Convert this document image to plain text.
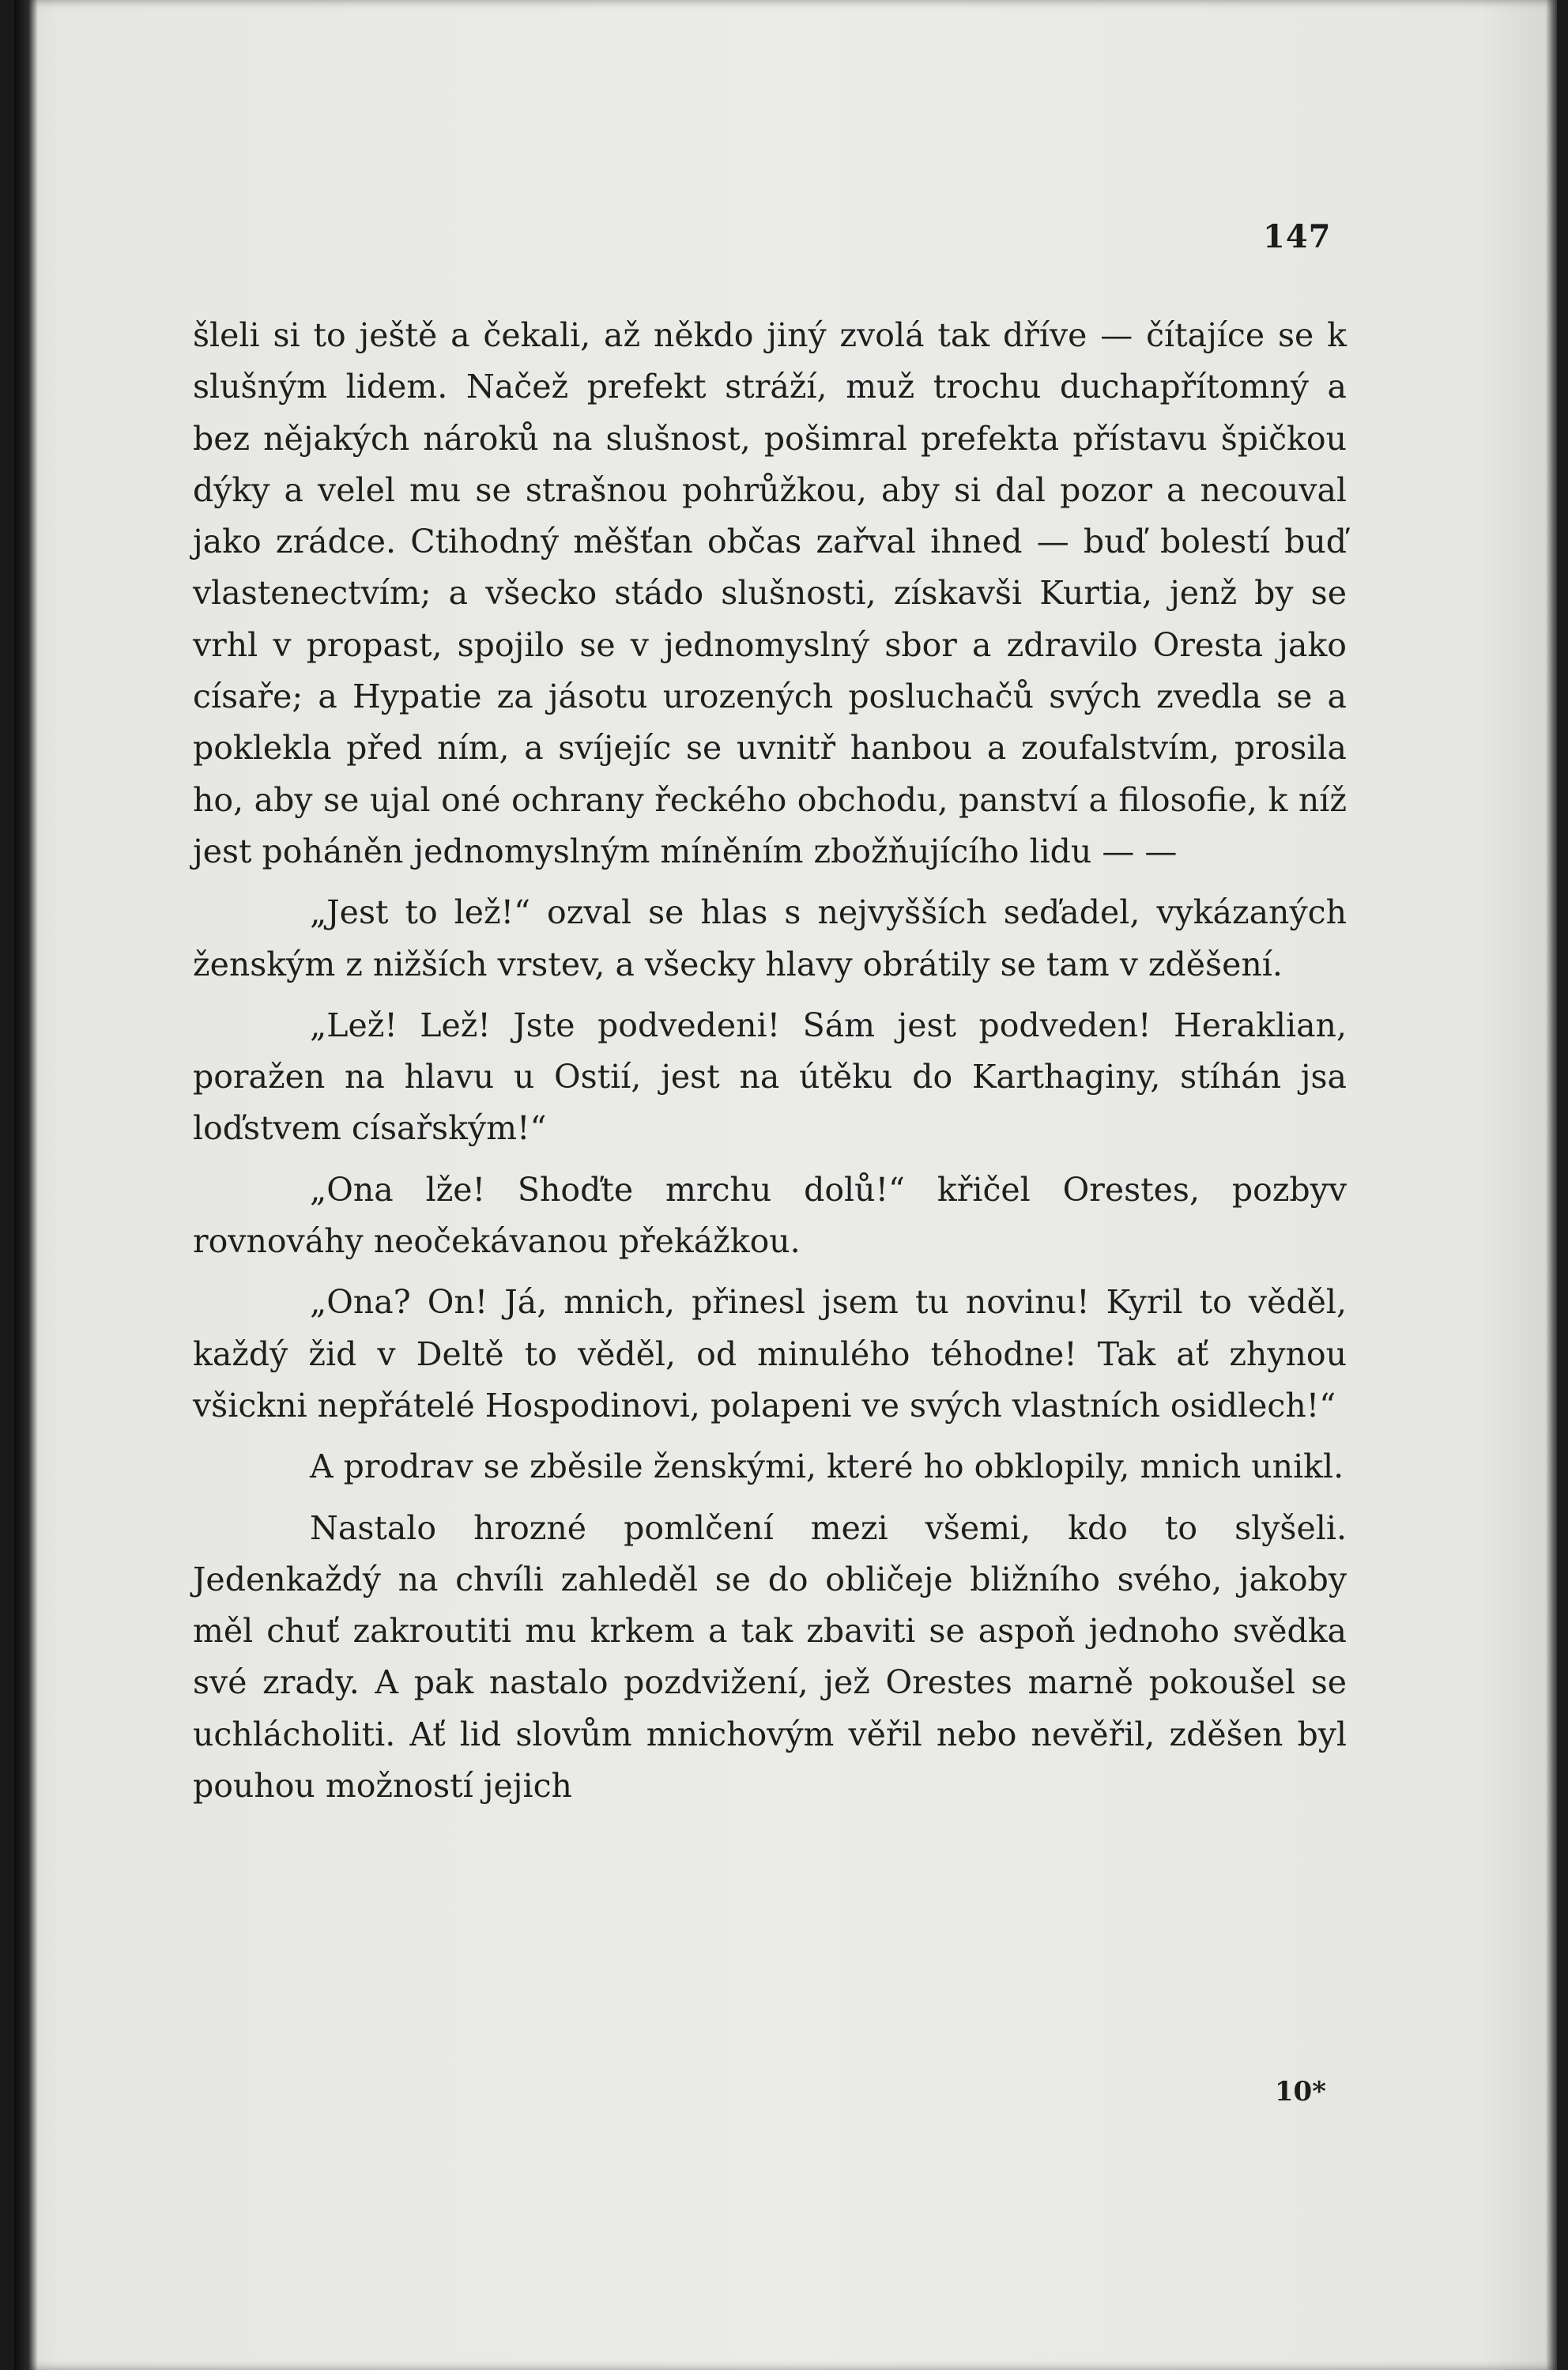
147

šleli si to ještě a čekali, až někdo jiný zvolá tak dříve — čítajíce se k slušným lidem. Načež prefekt stráží, muž trochu duchapřítomný a bez nějakých nároků na slušnost, pošimral prefekta přístavu špičkou dýky a velel mu se strašnou pohrůžkou, aby si dal pozor a necouval jako zrádce. Ctihodný měšťan občas zařval ihned — buď bolestí buď vlastenectvím; a všecko stádo slušnosti, získavši Kurtia, jenž by se vrhl v propast, spojilo se v jednomyslný sbor a zdravilo Oresta jako císaře; a Hypatie za jásotu urozených posluchačů svých zvedla se a poklekla před ním, a svíjejíc se uvnitř hanbou a zoufalstvím, prosila ho, aby se ujal oné ochrany řeckého obchodu, panství a filosofie, k níž jest poháněn jednomyslným míněním zbožňujícího lidu — —

„Jest to lež!“ ozval se hlas s nejvyšších seďadel, vykázaných ženským z nižších vrstev, a všecky hlavy obrátily se tam v zděšení.

„Lež! Lež! Jste podvedeni! Sám jest podveden! Heraklian, poražen na hlavu u Ostií, jest na útěku do Karthaginy, stíhán jsa loďstvem císařským!“

„Ona lže! Shoďte mrchu dolů!“ křičel Orestes, pozbyv rovnováhy neočekávanou překážkou.

„Ona? On! Já, mnich, přinesl jsem tu novinu! Kyril to věděl, každý žid v Deltě to věděl, od minulého téhodne! Tak ať zhynou všickni nepřátelé Hospodinovi, polapeni ve svých vlastních osidlech!“

A prodrav se zběsile ženskými, které ho obklopily, mnich unikl.

Nastalo hrozné pomlčení mezi všemi, kdo to slyšeli. Jedenkaždý na chvíli zahleděl se do obličeje bližního svého, jakoby měl chuť zakroutiti mu krkem a tak zbaviti se aspoň jednoho svědka své zrady. A pak nastalo pozdvižení, jež Orestes marně pokoušel se uchlácholiti. Ať lid slovům mnichovým věřil nebo nevěřil, zděšen byl pouhou možností jejich

10*
